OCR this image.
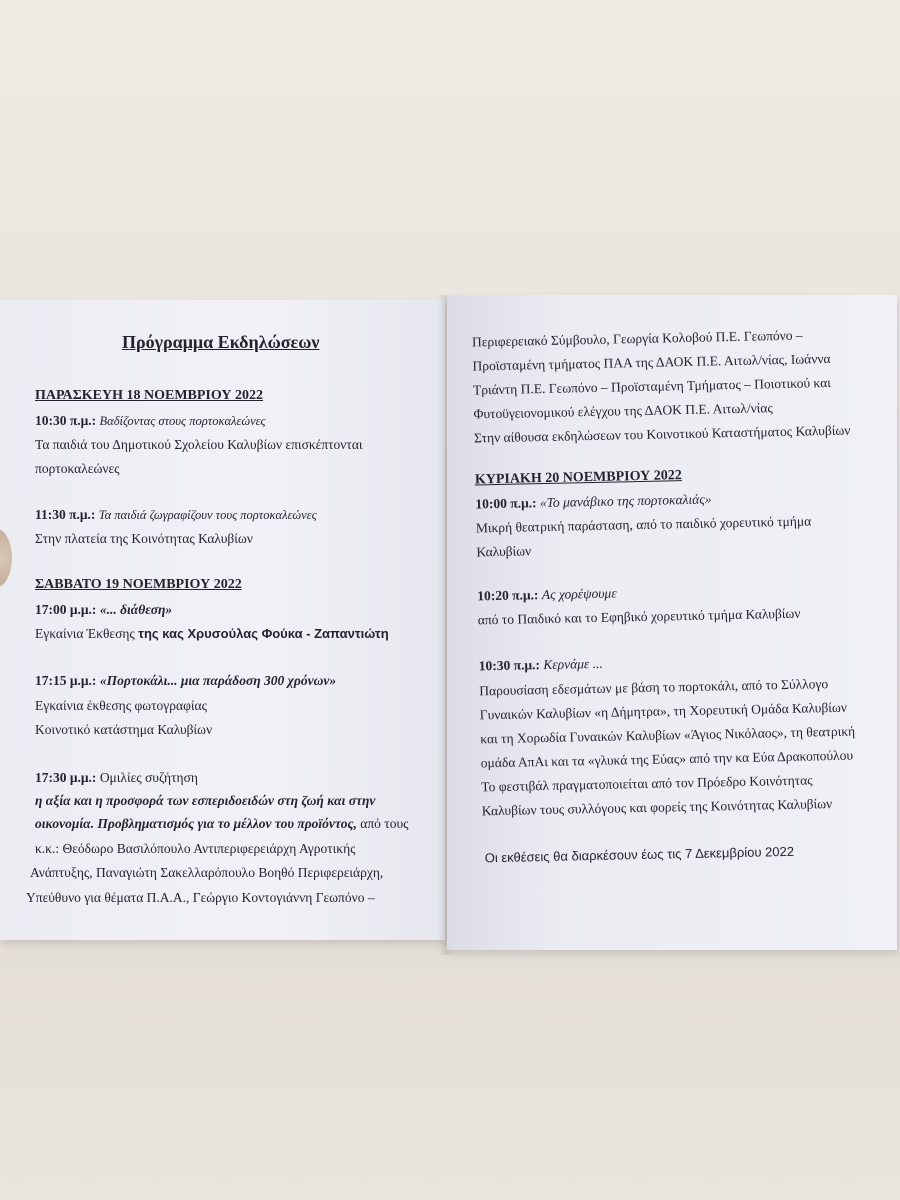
Πρόγραμμα Εκδηλώσεων
ΠΑΡΑΣΚΕΥΗ 18 ΝΟΕΜΒΡΙΟΥ 2022
10:30 π.μ.: Βαδίζοντας στους πορτοκαλεώνες
Τα παιδιά του Δημοτικού Σχολείου Καλυβίων επισκέπτονται
πορτοκαλεώνες
11:30 π.μ.: Τα παιδιά ζωγραφίζουν τους πορτοκαλεώνες
Στην πλατεία της Κοινότητας Καλυβίων
ΣΑΒΒΑΤΟ 19 ΝΟΕΜΒΡΙΟΥ 2022
17:00 μ.μ.: «... διάθεση»
Εγκαίνια Έκθεσης της κας Χρυσούλας Φούκα - Ζαπαντιώτη
17:15 μ.μ.: «Πορτοκάλι... μια παράδοση 300 χρόνων»
Εγκαίνια έκθεσης φωτογραφίας
Κοινοτικό κατάστημα Καλυβίων
17:30 μ.μ.: Ομιλίες συζήτηση
η αξία και η προσφορά των εσπεριδοειδών στη ζωή και στην
οικονομία. Προβληματισμός για το μέλλον του προϊόντος, από τους
κ.κ.: Θεόδωρο Βασιλόπουλο Αντιπεριφερειάρχη Αγροτικής
Ανάπτυξης, Παναγιώτη Σακελλαρόπουλο Βοηθό Περιφερειάρχη,
Υπεύθυνο για θέματα Π.Α.Α., Γεώργιο Κοντογιάννη Γεωπόνο –
Περιφερειακό Σύμβουλο, Γεωργία Κολοβού Π.Ε. Γεωπόνο –
Προϊσταμένη τμήματος ΠΑΑ της ΔΑΟΚ Π.Ε. Αιτωλ/νίας, Ιωάννα
Τριάντη Π.Ε. Γεωπόνο – Προϊσταμένη Τμήματος – Ποιοτικού και
Φυτοϋγειονομικού ελέγχου της ΔΑΟΚ Π.Ε. Αιτωλ/νίας
Στην αίθουσα εκδηλώσεων του Κοινοτικού Καταστήματος Καλυβίων
ΚΥΡΙΑΚΗ 20 ΝΟΕΜΒΡΙΟΥ 2022
10:00 π.μ.: «Το μανάβικο της πορτοκαλιάς»
Μικρή θεατρική παράσταση, από το παιδικό χορευτικό τμήμα
Καλυβίων
10:20 π.μ.: Ας χορέψουμε
από το Παιδικό και το Εφηβικό χορευτικό τμήμα Καλυβίων
10:30 π.μ.: Κερνάμε ...
Παρουσίαση εδεσμάτων με βάση το πορτοκάλι, από το Σύλλογο
Γυναικών Καλυβίων «η Δήμητρα», τη Χορευτική Ομάδα Καλυβίων
και τη Χορωδία Γυναικών Καλυβίων «Άγιος Νικόλαος», τη θεατρική
ομάδα ΑπΑι και τα «γλυκά της Εύας» από την κα Εύα Δρακοπούλου
Το φεστιβάλ πραγματοποιείται από τον Πρόεδρο Κοινότητας
Καλυβίων τους συλλόγους και φορείς της Κοινότητας Καλυβίων
Οι εκθέσεις θα διαρκέσουν έως τις 7 Δεκεμβρίου 2022
